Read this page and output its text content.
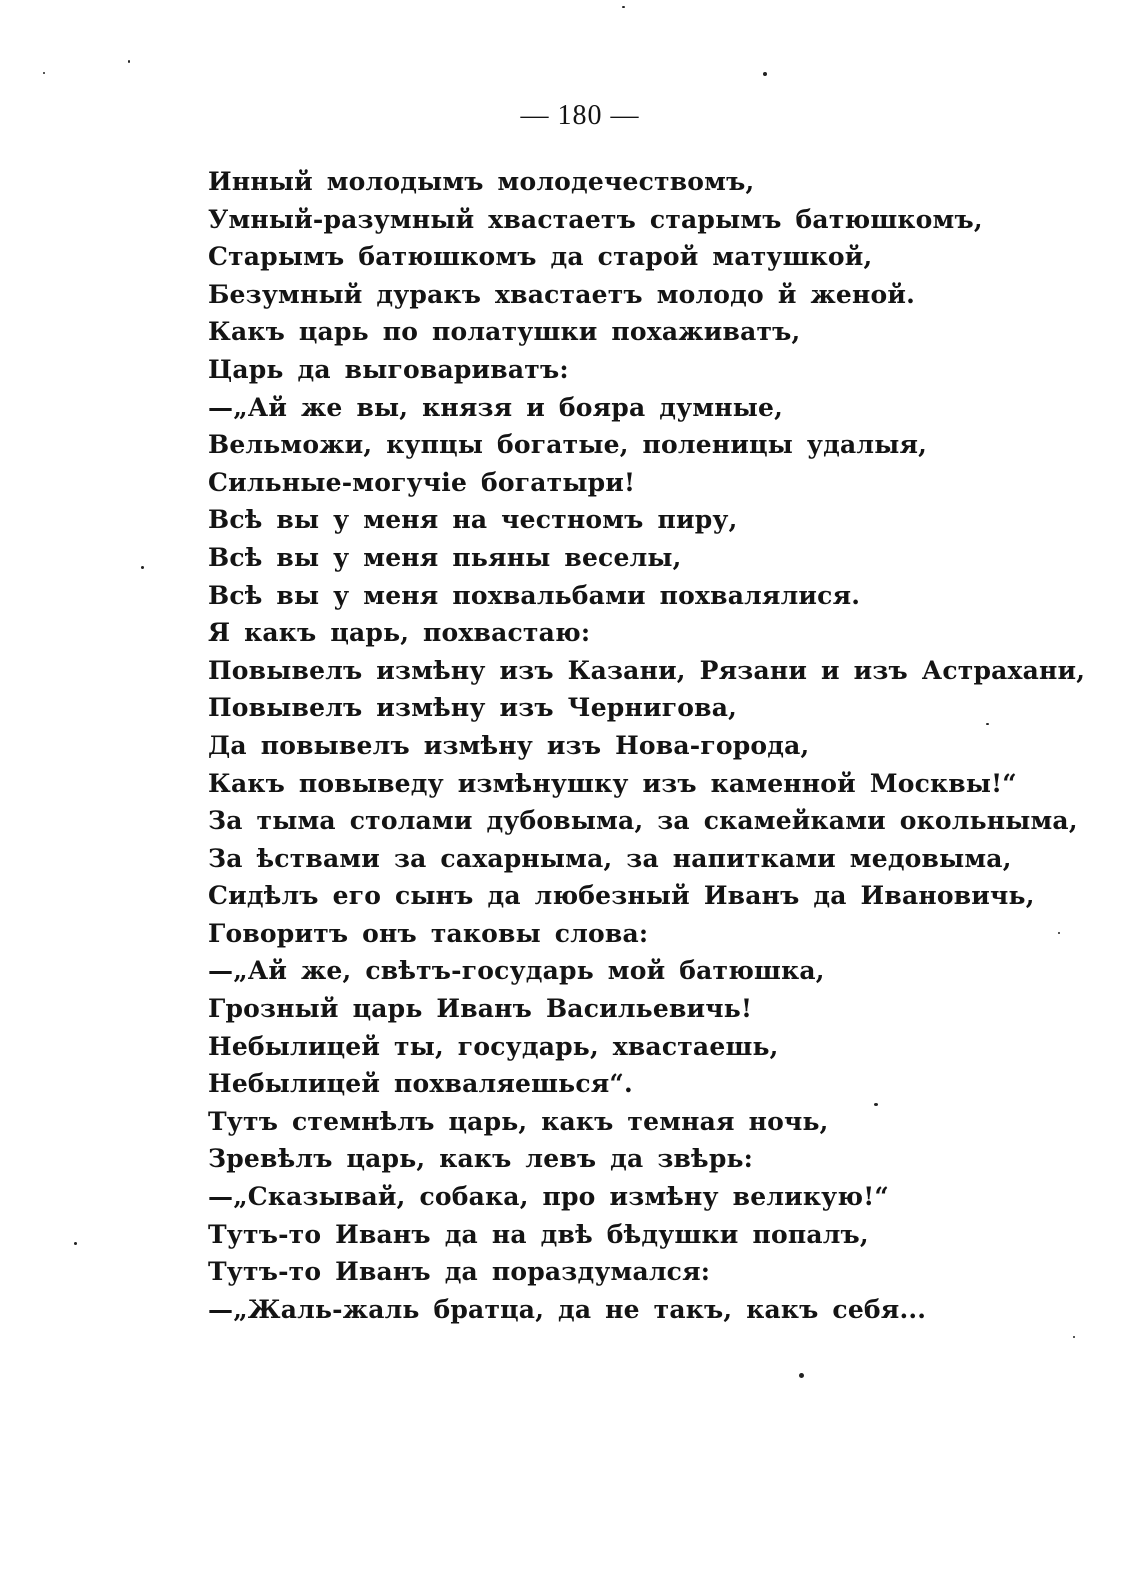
— 180 —
Инный молодымъ молодечествомъ,
Умный-разумный хвастаетъ старымъ батюшкомъ,
Старымъ батюшкомъ да старой матушкой,
Безумный дуракъ хвастаетъ молодо й женой.
Какъ царь по полатушки похаживатъ,
Царь да выговариватъ:
—„Ай же вы, князя и бояра думные,
Вельможи, купцы богатые, поленицы удалыя,
Сильные-могучіе богатыри!
Всѣ вы у меня на честномъ пиру,
Всѣ вы у меня пьяны веселы,
Всѣ вы у меня похвальбами похвалялися.
Я какъ царь, похвастаю:
Повывелъ измѣну изъ Казани, Рязани и изъ Астрахани,
Повывелъ измѣну изъ Чернигова,
Да повывелъ измѣну изъ Нова-города,
Какъ повыведу измѣнушку изъ каменной Москвы!“
За тыма столами дубовыма, за скамейками окольныма,
За ѣствами за сахарныма, за напитками медовыма,
Сидѣлъ его сынъ да любезный Иванъ да Ивановичь,
Говоритъ онъ таковы слова:
—„Ай же, свѣтъ-государь мой батюшка,
Грозный царь Иванъ Васильевичь!
Небылицей ты, государь, хвастаешь,
Небылицей похваляешься“.
Тутъ стемнѣлъ царь, какъ темная ночь,
Зревѣлъ царь, какъ левъ да звѣрь:
—„Сказывай, собака, про измѣну великую!“
Тутъ-то Иванъ да на двѣ бѣдушки попалъ,
Тутъ-то Иванъ да пораздумался:
—„Жаль-жаль братца, да не такъ, какъ себя...
